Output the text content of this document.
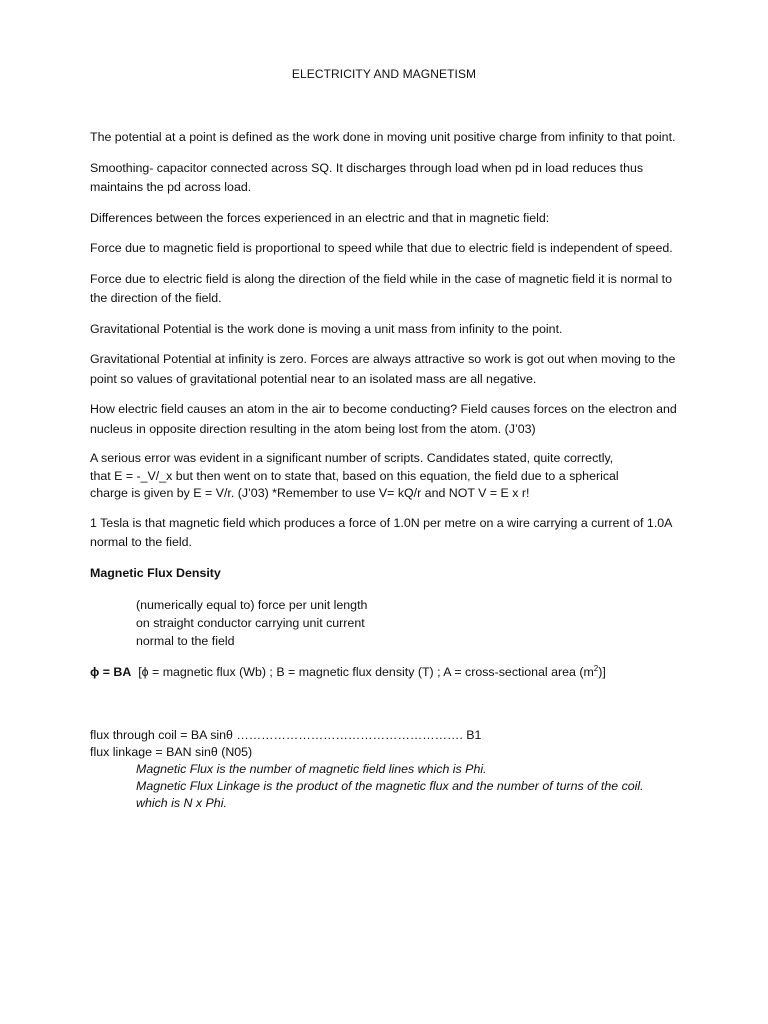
ELECTRICITY AND MAGNETISM

The potential at a point is defined as the work done in moving unit positive charge from infinity to that point.

Smoothing- capacitor connected across SQ. It discharges through load when pd in load reduces thus maintains the pd across load.

Differences between the forces experienced in an electric and that in magnetic field:

Force due to magnetic field is proportional to speed while that due to electric field is independent of speed.

Force due to electric field is along the direction of the field while in the case of magnetic field it is normal to the direction of the field.

Gravitational Potential is the work done is moving a unit mass from infinity to the point.

Gravitational Potential at infinity is zero. Forces are always attractive so work is got out when moving to the point so values of gravitational potential near to an isolated mass are all negative.

How electric field causes an atom in the air to become conducting? Field causes forces on the electron and nucleus in opposite direction resulting in the atom being lost from the atom. (J’03)

A serious error was evident in a significant number of scripts. Candidates stated, quite correctly,
that E = -_V/_x but then went on to state that, based on this equation, the field due to a spherical
charge is given by E = V/r. (J’03) *Remember to use V= kQ/r and NOT V = E x r!

1 Tesla is that magnetic field which produces a force of 1.0N per metre on a wire carrying a current of 1.0A normal to the field.

Magnetic Flux Density
(numerically equal to) force per unit length
on straight conductor carrying unit current
normal to the field
ϕ = BA [ϕ = magnetic flux (Wb) ; B = magnetic flux density (T) ; A = cross-sectional area $(m^2)$]
flux through coil = BA sinθ ………………………………………………. B1
flux linkage = BAN sinθ (N05)
Magnetic Flux is the number of magnetic field lines which is Phi.
Magnetic Flux Linkage is the product of the magnetic flux and the number of turns of the coil.
which is N x Phi.
